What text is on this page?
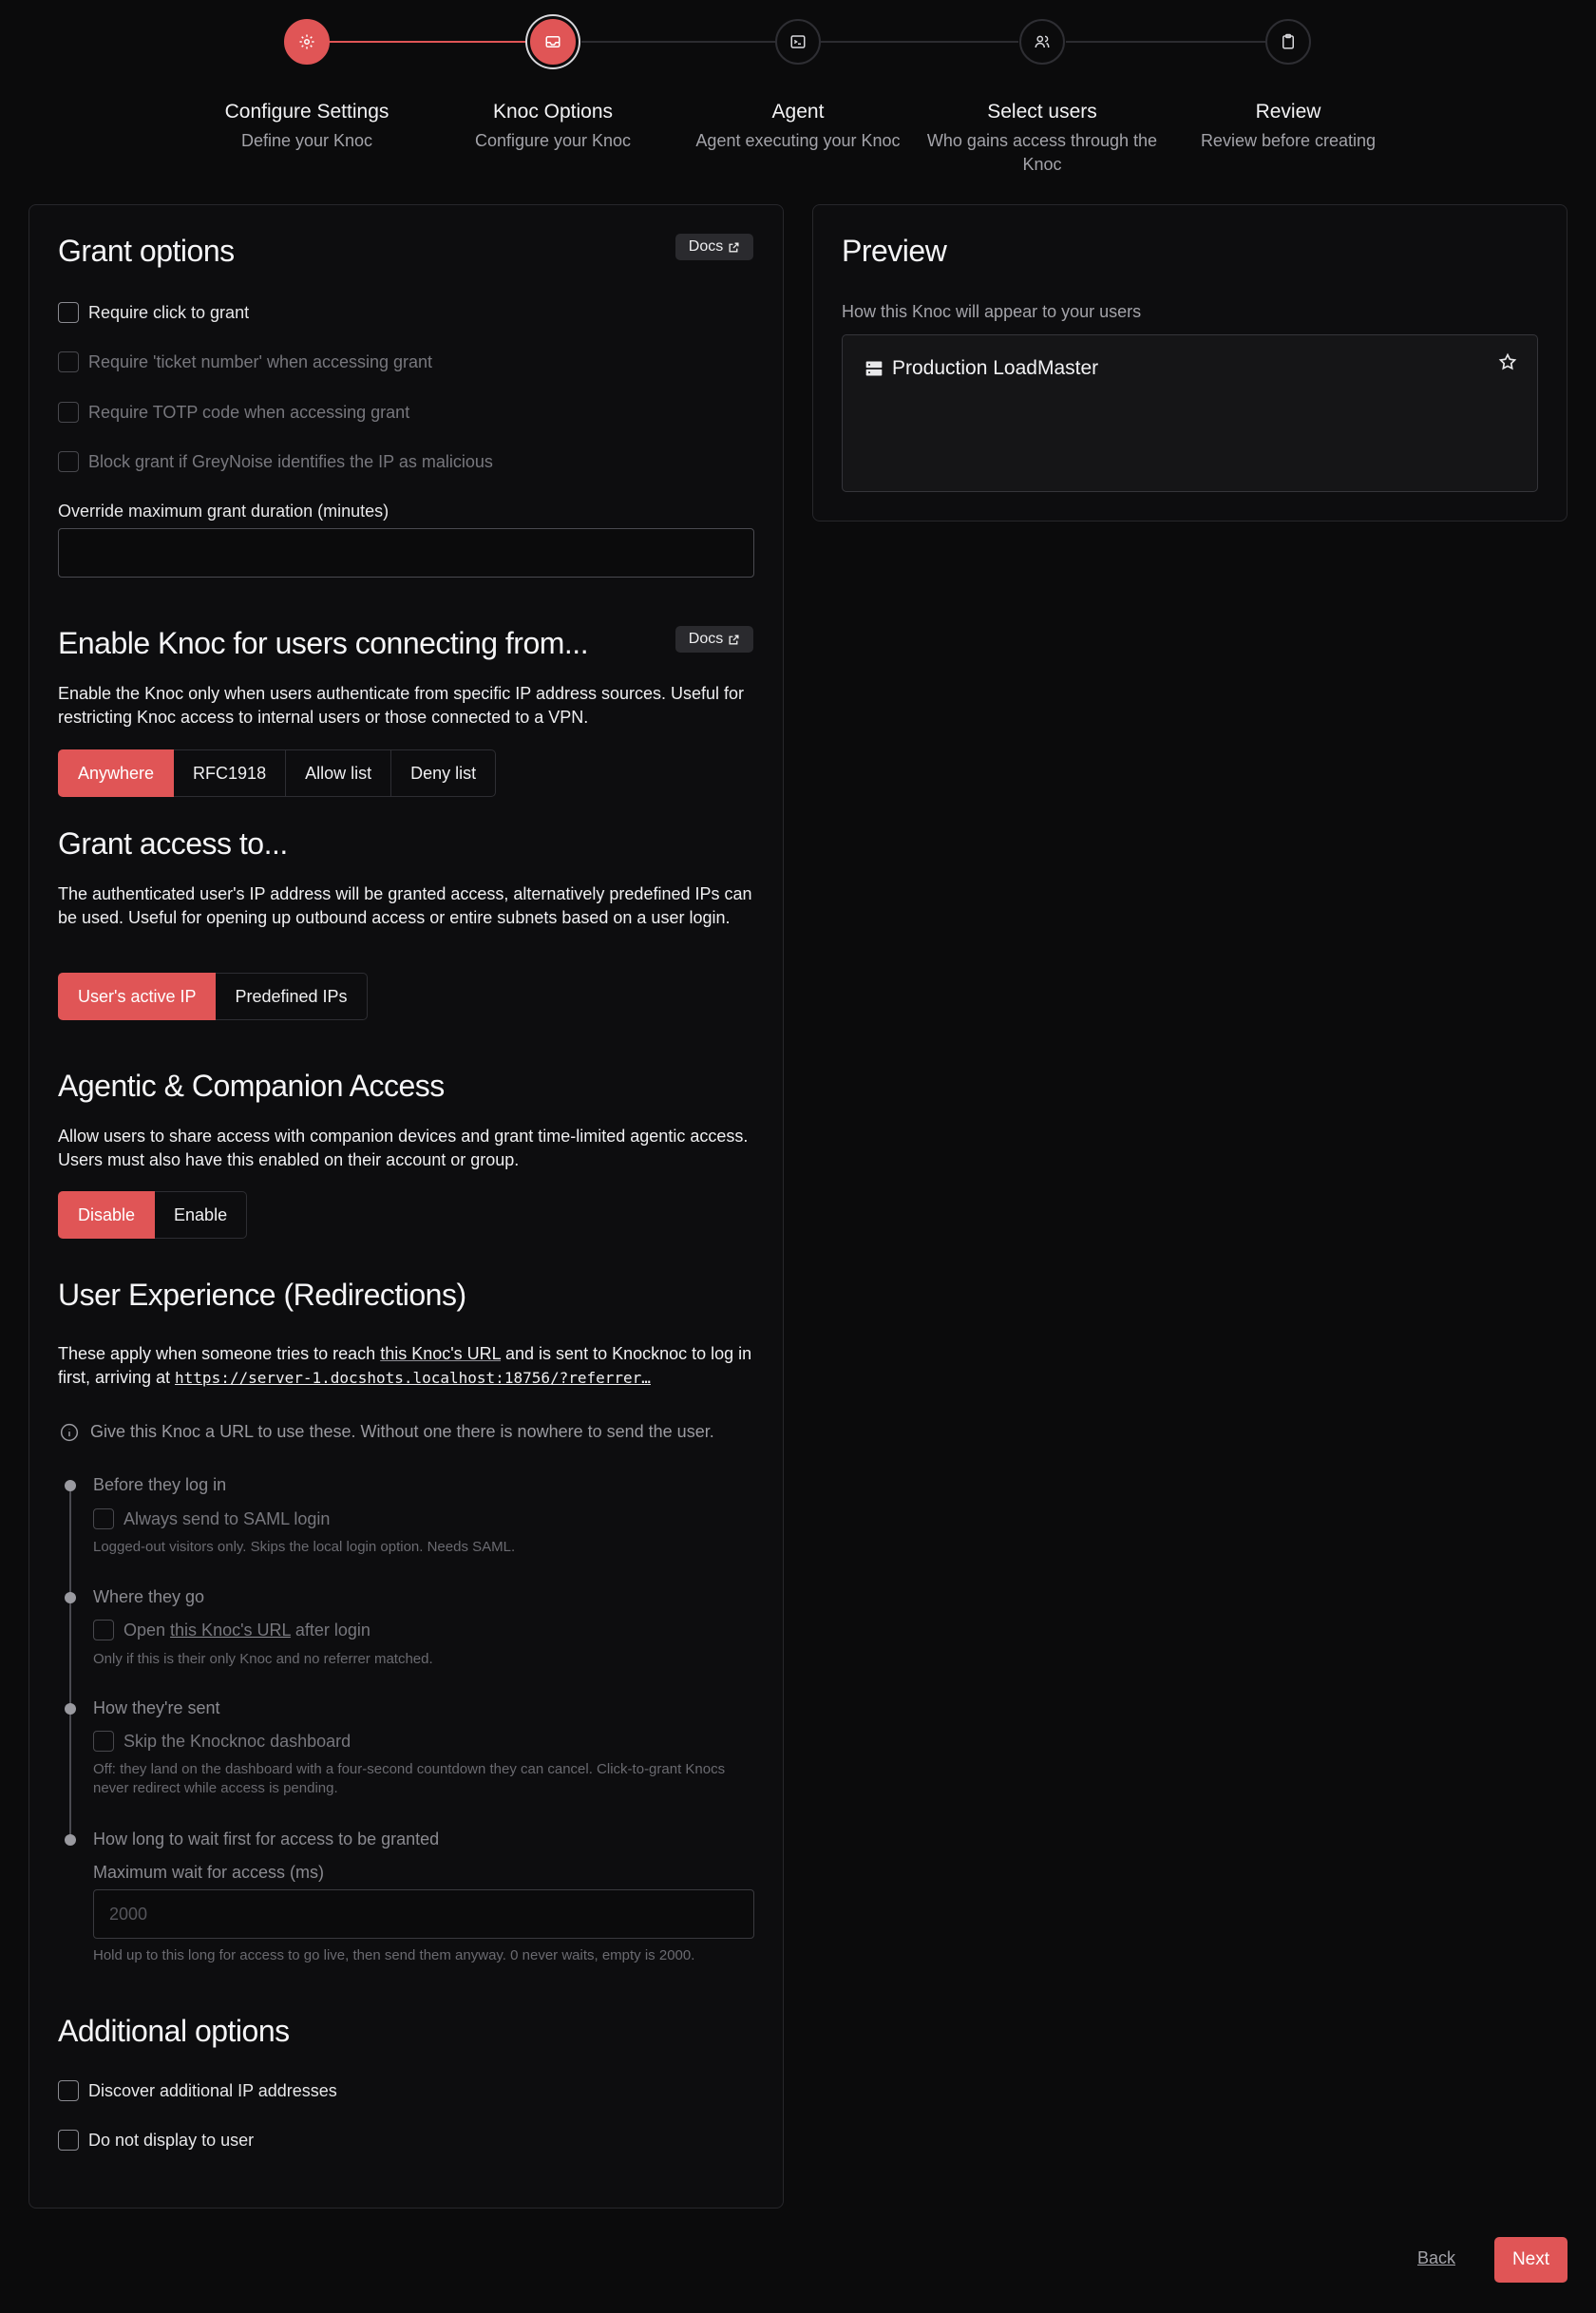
Configure Settings
Define your Knoc
Knoc Options
Configure your Knoc
Agent
Agent executing your Knoc
Select users
Who gains access through the Knoc
Review
Review before creating
Grant options	Docs
Require click to grant
Require 'ticket number' when accessing grant
Require TOTP code when accessing grant
Block grant if GreyNoise identifies the IP as malicious
Override maximum grant duration (minutes)
Enable Knoc for users connecting from...	Docs
Enable the Knoc only when users authenticate from specific IP address sources. Useful for restricting Knoc access to internal users or those connected to a VPN.
Anywhere	RFC1918	Allow list	Deny list
Grant access to...
The authenticated user's IP address will be granted access, alternatively predefined IPs can be used. Useful for opening up outbound access or entire subnets based on a user login.
User's active IP	Predefined IPs
Agentic & Companion Access
Allow users to share access with companion devices and grant time-limited agentic access. Users must also have this enabled on their account or group.
Disable	Enable
User Experience (Redirections)
These apply when someone tries to reach this Knoc's URL and is sent to Knocknoc to log in first, arriving at https://server-1.docshots.localhost:18756/?referrer…
Give this Knoc a URL to use these. Without one there is nowhere to send the user.
Before they log in
Always send to SAML login
Logged-out visitors only. Skips the local login option. Needs SAML.
Where they go
Open this Knoc's URL after login
Only if this is their only Knoc and no referrer matched.
How they're sent
Skip the Knocknoc dashboard
Off: they land on the dashboard with a four-second countdown they can cancel. Click-to-grant Knocs never redirect while access is pending.
How long to wait first for access to be granted
Maximum wait for access (ms)
2000
Hold up to this long for access to go live, then send them anyway. 0 never waits, empty is 2000.
Additional options
Discover additional IP addresses
Do not display to user
Preview
How this Knoc will appear to your users
Production LoadMaster
Back	Next
